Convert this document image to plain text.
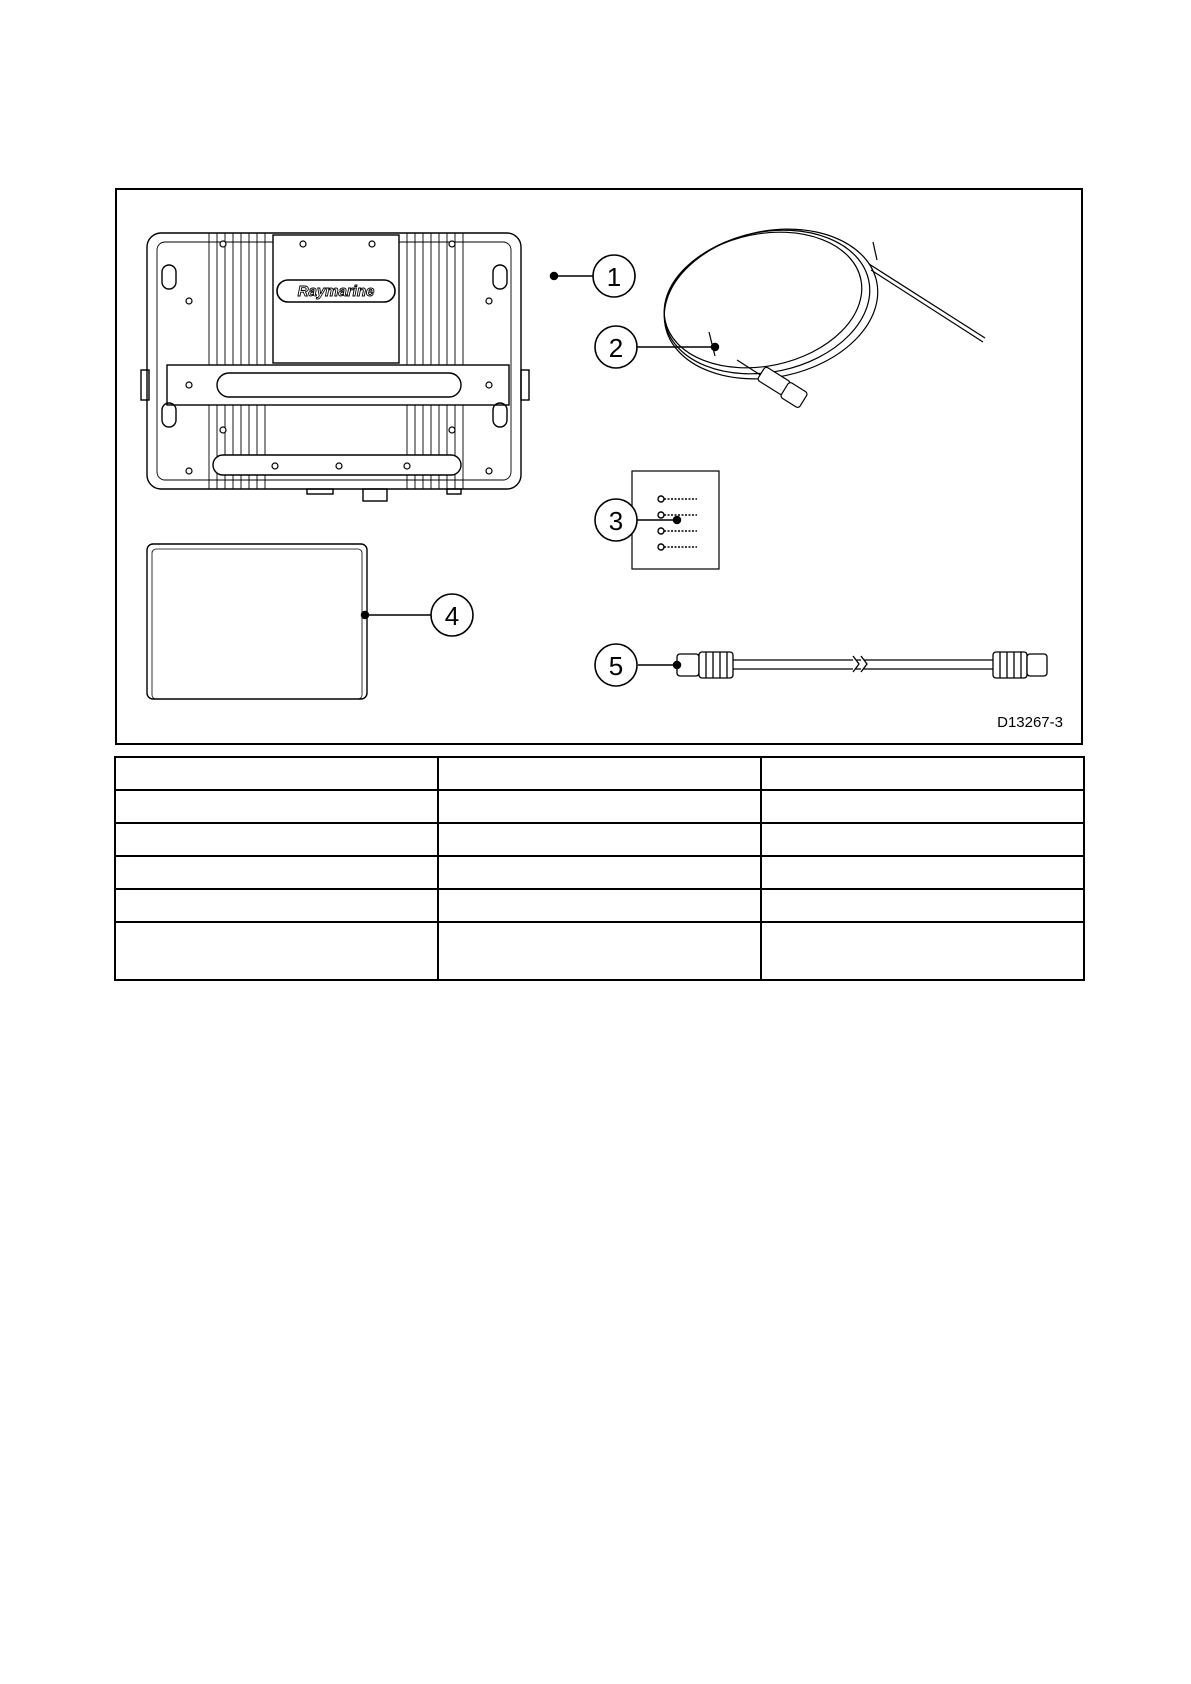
Raymarine	1
2
3
4
5
D13267-3
